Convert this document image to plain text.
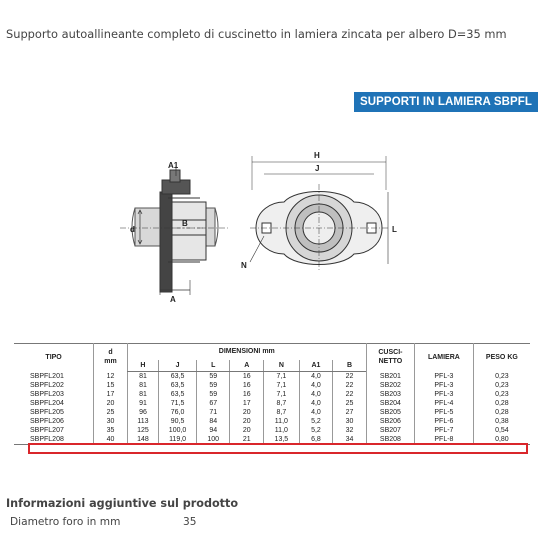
Supporto autoallineante completo di cuscinetto in lamiera zincata per albero D=35 mm
SUPPORTI IN LAMIERA SBPFL
A1
B
d
A
H
J
L
N
TIPO	d
mm	DIMENSIONI mm							CUSCI-
NETTO	LAMIERA	PESO KG
		H	J	L	A	N	A1	B			
SBPFL201	12	81	63,5	59	16	7,1	4,0	22	SB201	PFL-3	0,23
SBPFL202	15	81	63,5	59	16	7,1	4,0	22	SB202	PFL-3	0,23
SBPFL203	17	81	63,5	59	16	7,1	4,0	22	SB203	PFL-3	0,23
SBPFL204	20	91	71,5	67	17	8,7	4,0	25	SB204	PFL-4	0,28
SBPFL205	25	96	76,0	71	20	8,7	4,0	27	SB205	PFL-5	0,28
SBPFL206	30	113	90,5	84	20	11,0	5,2	30	SB206	PFL-6	0,38
SBPFL207	35	125	100,0	94	20	11,0	5,2	32	SB207	PFL-7	0,54
SBPFL208	40	148	119,0	100	21	13,5	6,8	34	SB208	PFL-8	0,80
Informazioni aggiuntive sul prodotto
Diametro foro in mm	35
